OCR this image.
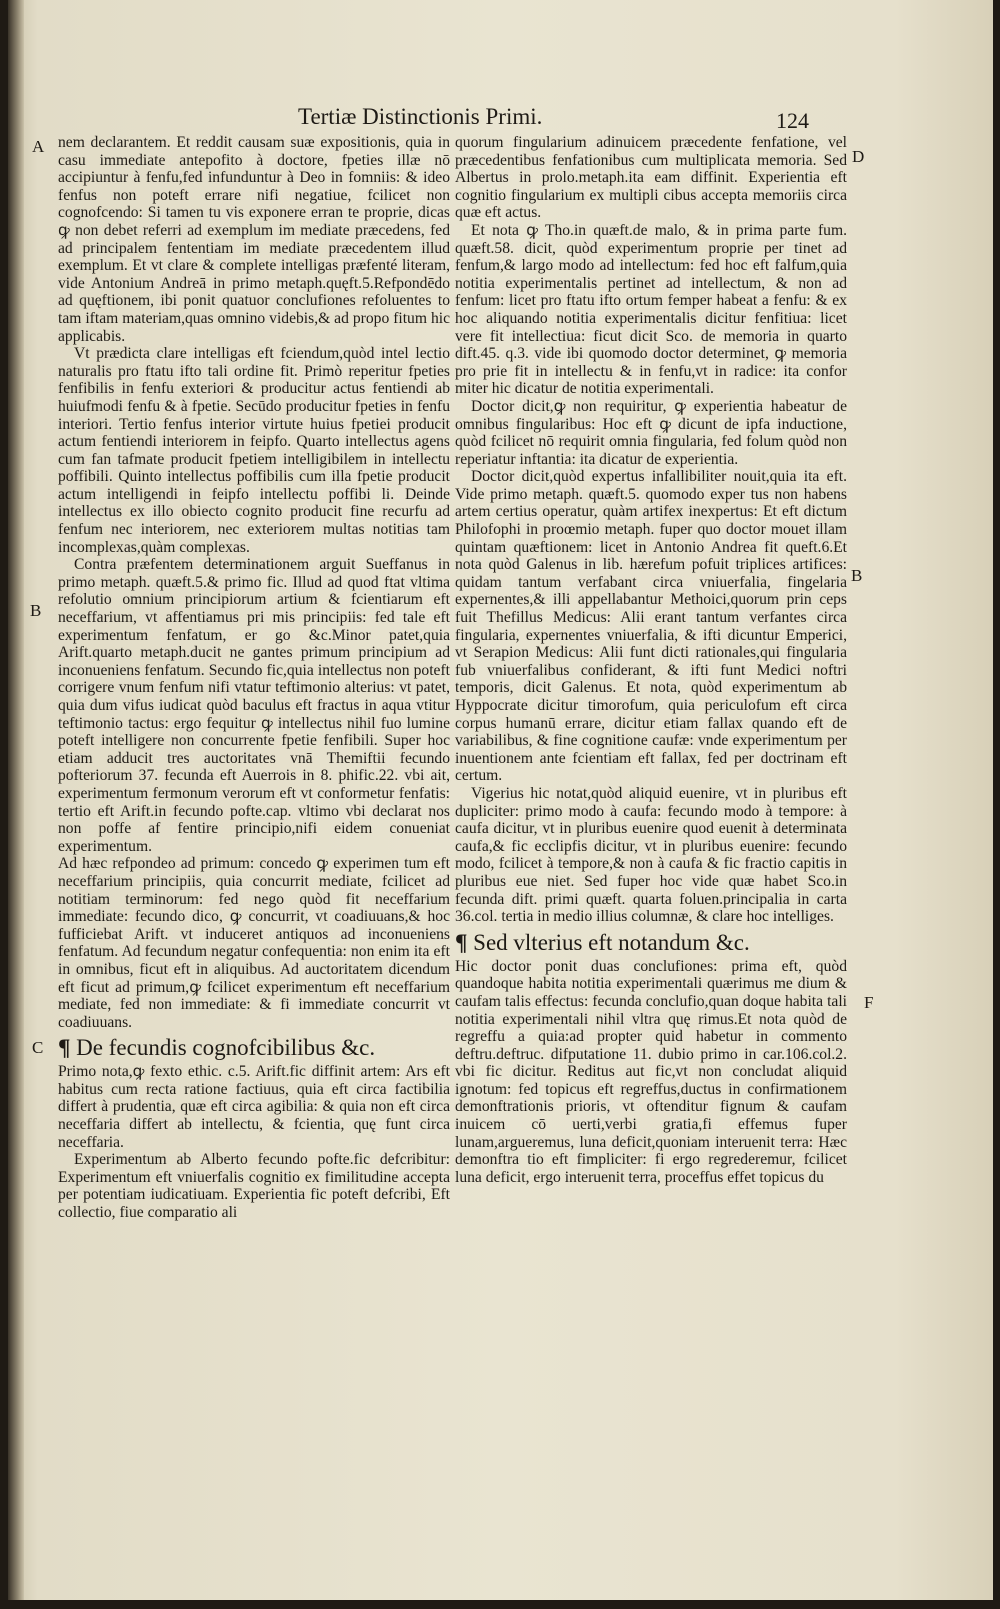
Tertiæ Distinctionis Primi.	124
A
B
C
D
B
F

nem declarantem. Et reddit causam suæ expositionis, quia in casu immediate antepofito à doctore, fpeties illæ nō accipiuntur à fenfu,fed infunduntur à Deo in fomniis: & ideo fenfus non poteft errare nifi negatiue, fcilicet non cognofcendo: Si tamen tu vis exponere erran te proprie, dicas ꝙ non debet referri ad exemplum im mediate præcedens, fed ad principalem fententiam im mediate præcedentem illud exemplum. Et vt clare & complete intelligas præfenté literam, vide Antonium Andreā in primo metaph.quęft.5.Refpondēdo ad quęftionem, ibi ponit quatuor conclufiones refoluentes to tam iftam materiam,quas omnino videbis,& ad propo fitum hic applicabis.

Vt prædicta clare intelligas eft fciendum,quòd intel lectio naturalis pro ftatu ifto tali ordine fit. Primò reperitur fpeties fenfibilis in fenfu exteriori & producitur actus fentiendi ab huiufmodi fenfu & à fpetie. Secūdo producitur fpeties in fenfu interiori. Tertio fenfus interior virtute huius fpetiei producit actum fentiendi interiorem in feipfo. Quarto intellectus agens cum fan tafmate producit fpetiem intelligibilem in intellectu poffibili. Quinto intellectus poffibilis cum illa fpetie producit actum intelligendi in feipfo intellectu poffibi li. Deinde intellectus ex illo obiecto cognito producit fine recurfu ad fenfum nec interiorem, nec exteriorem multas notitias tam incomplexas,quàm complexas.

Contra præfentem determinationem arguit Sueffanus in primo metaph. quæft.5.& primo fic. Illud ad quod ftat vltima refolutio omnium principiorum artium & fcientiarum eft neceffarium, vt affentiamus pri mis principiis: fed tale eft experimentum fenfatum, er go &c.Minor patet,quia Arift.quarto metaph.ducit ne gantes primum principium ad inconueniens fenfatum. Secundo fic,quia intellectus non poteft corrigere vnum fenfum nifi vtatur teftimonio alterius: vt patet, quia dum vifus iudicat quòd baculus eft fractus in aqua vtitur teftimonio tactus: ergo fequitur ꝙ intellectus nihil fuo lumine poteft intelligere non concurrente fpetie fenfibili. Super hoc etiam adducit tres auctoritates vnā Themiftii fecundo pofteriorum 37. fecunda eft Auerrois in 8. phific.22. vbi ait, experimentum fermonum verorum eft vt conformetur fenfatis: tertio eft Arift.in fecundo pofte.cap. vltimo vbi declarat nos non poffe af fentire principio,nifi eidem conueniat experimentum.

Ad hæc refpondeo ad primum: concedo ꝙ experimen tum eft neceffarium principiis, quia concurrit mediate, fcilicet ad notitiam terminorum: fed nego quòd fit neceffarium immediate: fecundo dico, ꝙ concurrit, vt coadiuuans,& hoc fufficiebat Arift. vt induceret antiquos ad inconueniens fenfatum. Ad fecundum negatur confequentia: non enim ita eft in omnibus, ficut eft in aliquibus. Ad auctoritatem dicendum eft ficut ad primum,ꝙ fcilicet experimentum eft neceffarium mediate, fed non immediate: & fi immediate concurrit vt coadiuuans.

¶ De fecundis cognofcibilibus &c.

Primo nota,ꝙ fexto ethic. c.5. Arift.fic diffinit artem: Ars eft habitus cum recta ratione factiuus, quia eft circa factibilia differt à prudentia, quæ eft circa agibilia: & quia non eft circa neceffaria differt ab intellectu, & fcientia, quę funt circa neceffaria.

Experimentum ab Alberto fecundo pofte.fic defcribitur: Experimentum eft vniuerfalis cognitio ex fimilitudine accepta per potentiam iudicatiuam. Experientia fic poteft defcribi, Eft collectio, fiue comparatio ali

quorum fingularium adinuicem præcedente fenfatione, vel præcedentibus fenfationibus cum multiplicata memoria. Sed Albertus in prolo.metaph.ita eam diffinit. Experientia eft cognitio fingularium ex multipli cibus accepta memoriis circa quæ eft actus.

Et nota ꝙ Tho.in quæft.de malo, & in prima parte fum. quæft.58. dicit, quòd experimentum proprie per tinet ad fenfum,& largo modo ad intellectum: fed hoc eft falfum,quia notitia experimentalis pertinet ad intellectum, & non ad fenfum: licet pro ftatu ifto ortum femper habeat a fenfu: & ex hoc aliquando notitia experimentalis dicitur fenfitiua: licet vere fit intellectiua: ficut dicit Sco. de memoria in quarto dift.45. q.3. vide ibi quomodo doctor determinet, ꝙ memoria pro prie fit in intellectu & in fenfu,vt in radice: ita confor miter hic dicatur de notitia experimentali.

Doctor dicit,ꝙ non requiritur, ꝙ experientia habeatur de omnibus fingularibus: Hoc eft ꝙ dicunt de ipfa inductione, quòd fcilicet nō requirit omnia fingularia, fed folum quòd non reperiatur inftantia: ita dicatur de experientia.

Doctor dicit,quòd expertus infallibiliter nouit,quia ita eft. Vide primo metaph. quæft.5. quomodo exper tus non habens artem certius operatur, quàm artifex inexpertus: Et eft dictum Philofophi in proœmio metaph. fuper quo doctor mouet illam quintam quæftionem: licet in Antonio Andrea fit queft.6.Et nota quòd Galenus in lib. hærefum pofuit triplices artifices: quidam tantum verfabant circa vniuerfalia, fingelaria expernentes,& illi appellabantur Methoici,quorum prin ceps fuit Thefillus Medicus: Alii erant tantum verfantes circa fingularia, expernentes vniuerfalia, & ifti dicuntur Emperici, vt Serapion Medicus: Alii funt dicti rationales,qui fingularia fub vniuerfalibus confiderant, & ifti funt Medici noftri temporis, dicit Galenus. Et nota, quòd experimentum ab Hyppocrate dicitur timorofum, quia periculofum eft circa corpus humanū errare, dicitur etiam fallax quando eft de variabilibus, & fine cognitione caufæ: vnde experimentum per inuentionem ante fcientiam eft fallax, fed per doctrinam eft certum.

Vigerius hic notat,quòd aliquid euenire, vt in pluribus eft dupliciter: primo modo à caufa: fecundo modo à tempore: à caufa dicitur, vt in pluribus euenire quod euenit à determinata caufa,& fic ecclipfis dicitur, vt in pluribus euenire: fecundo modo, fcilicet à tempore,& non à caufa & fic fractio capitis in pluribus eue niet. Sed fuper hoc vide quæ habet Sco.in fecunda dift. primi quæft. quarta foluen.principalia in carta 36.col. tertia in medio illius columnæ, & clare hoc intelliges.

¶ Sed vlterius eft notandum &c.

Hic doctor ponit duas conclufiones: prima eft, quòd quandoque habita notitia experimentali quærimus me dium & caufam talis effectus: fecunda conclufio,quan doque habita tali notitia experimentali nihil vltra quę rimus.Et nota quòd de regreffu a quia:ad propter quid habetur in commento deftru.deftruc. difputatione 11. dubio primo in car.106.col.2. vbi fic dicitur. Reditus aut fic,vt non concludat aliquid ignotum: fed topicus eft regreffus,ductus in confirmationem demonftrationis prioris, vt oftenditur fignum & caufam inuicem cō uerti,verbi gratia,fi effemus fuper lunam,argueremus, luna deficit,quoniam interuenit terra: Hæc demonftra tio eft fimpliciter: fi ergo regrederemur, fcilicet luna deficit, ergo interuenit terra, proceffus effet topicus du
